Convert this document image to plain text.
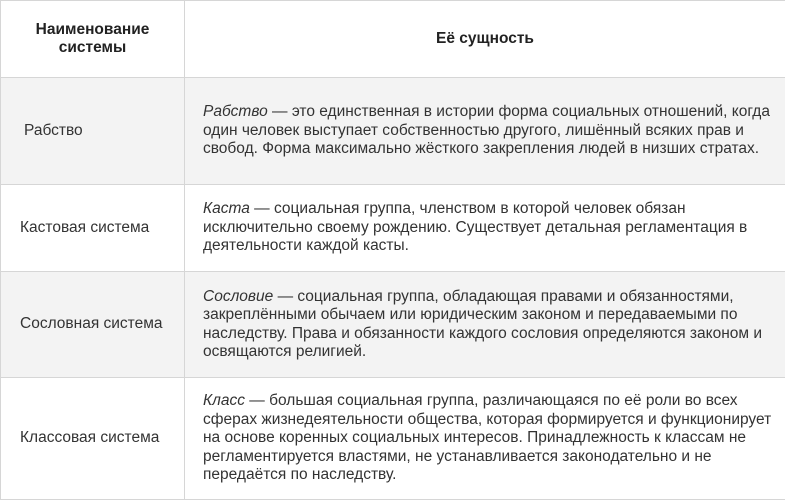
Наименование системы	Её сущность
Рабство	Рабство — это единственная в истории форма социальных отношений, когда один человек выступает собственностью другого, лишённый всяких прав и свобод. Форма максимально жёсткого закрепления людей в низших стратах.
Кастовая система	Каста — социальная группа, членством в которой человек обязан исключительно своему рождению. Существует детальная регламентация в деятельности каждой касты.
Сословная система	Сословие — социальная группа, обладающая правами и обязанностями, закреплёнными обычаем или юридическим законом и передаваемыми по наследству. Права и обязанности каждого сословия определяются законом и освящаются религией.
Классовая система	Класс — большая социальная группа, различающаяся по её роли во всех сферах жизнедеятельности общества, которая формируется и функционирует на основе коренных социальных интересов. Принадлежность к классам не регламентируется властями, не устанавливается законодательно и не передаётся по наследству.
